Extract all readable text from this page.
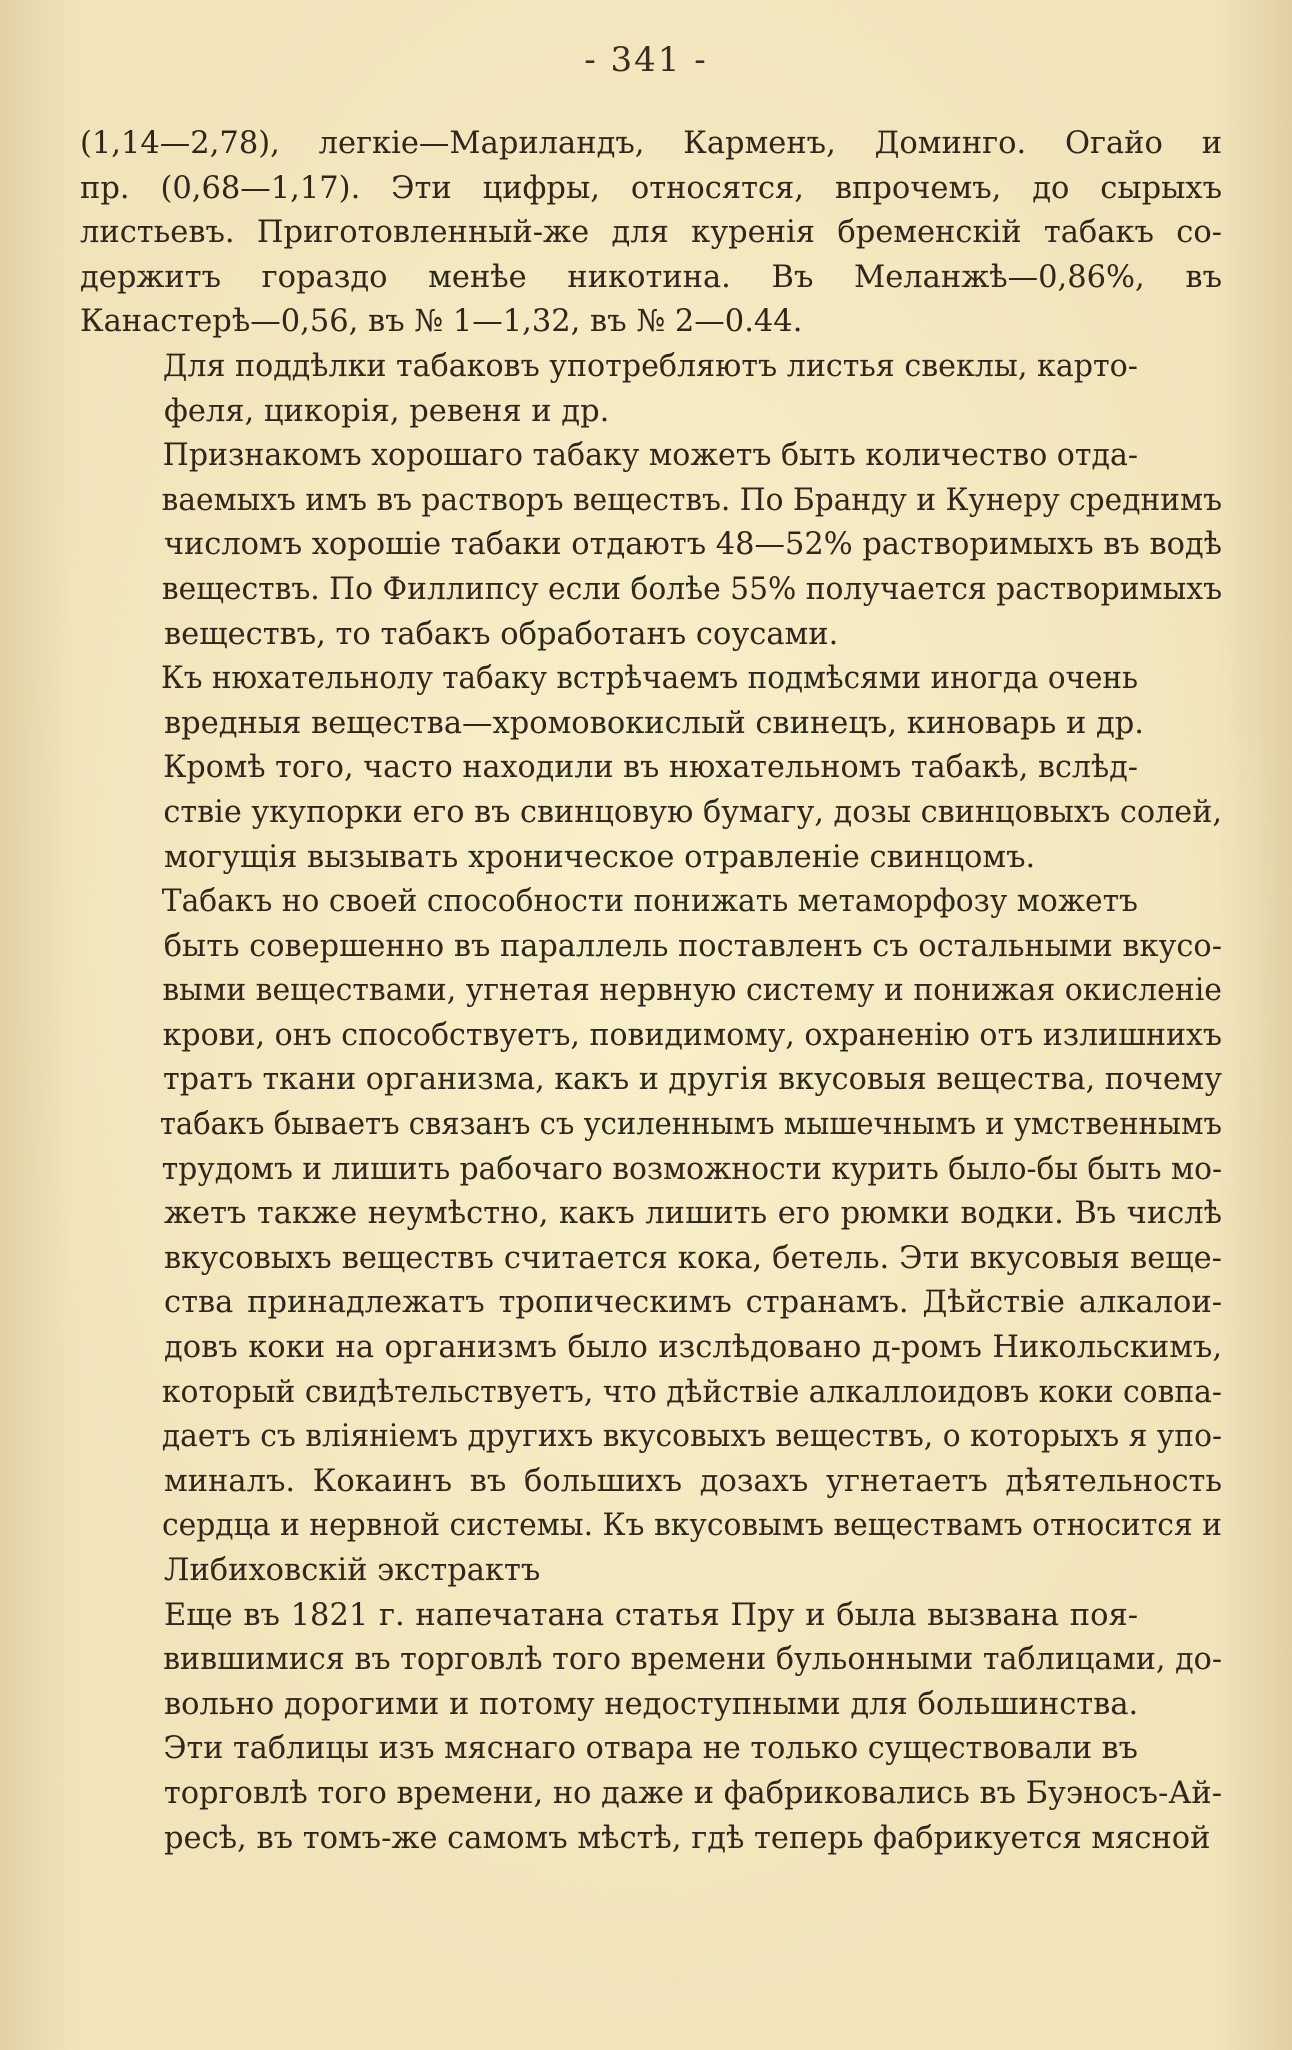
- 341 -

(1,14—2,78), легкіе—Мариландъ, Карменъ, Доминго. Огайо и
пр. (0,68—1,17). Эти цифры, относятся, впрочемъ, до сырыхъ
листьевъ. Приготовленный-же для куренія бременскій табакъ со-
держитъ гораздо менѣе никотина. Въ Меланжѣ—0,86%, въ
Канастерѣ—0,56, въ № 1—1,32, въ № 2—0.44.

Для поддѣлки табаковъ употребляютъ листья свеклы, карто-
феля, цикорія, ревеня и др.

Признакомъ хорошаго табаку можетъ быть количество отда-
ваемыхъ имъ въ растворъ веществъ. По Бранду и Кунеру среднимъ
числомъ хорошіе табаки отдаютъ 48—52% растворимыхъ въ водѣ
веществъ. По Филлипсу если болѣе 55% получается растворимыхъ
веществъ, то табакъ обработанъ соусами.

Къ нюхательнолу табаку встрѣчаемъ подмѣсями иногда очень
вредныя вещества—хромовокислый свинецъ, киноварь и др.

Кромѣ того, часто находили въ нюхательномъ табакѣ, вслѣд-
ствіе укупорки его въ свинцовую бумагу, дозы свинцовыхъ солей,
могущія вызывать хроническое отравленіе свинцомъ.

Табакъ но своей способности понижать метаморфозу можетъ
быть совершенно въ параллель поставленъ съ остальными вкусо-
выми веществами, угнетая нервную систему и понижая окисленіе
крови, онъ способствуетъ, повидимому, охраненію отъ излишнихъ
тратъ ткани организма, какъ и другія вкусовыя вещества, почему
табакъ бываетъ связанъ съ усиленнымъ мышечнымъ и умственнымъ
трудомъ и лишить рабочаго возможности курить было-бы быть мо-
жетъ также неумѣстно, какъ лишить его рюмки водки. Въ числѣ
вкусовыхъ веществъ считается кока, бетель. Эти вкусовыя веще-
ства принадлежатъ тропическимъ странамъ. Дѣйствіе алкалои-
довъ коки на организмъ было изслѣдовано д-ромъ Никольскимъ,
который свидѣтельствуетъ, что дѣйствіе алкаллоидовъ коки совпа-
даетъ съ вліяніемъ другихъ вкусовыхъ веществъ, о которыхъ я упо-
миналъ. Кокаинъ въ большихъ дозахъ угнетаетъ дѣятельность
сердца и нервной системы. Къ вкусовымъ веществамъ относится и
Либиховскій экстрактъ

Еще въ 1821 г. напечатана статья Пру и была вызвана поя-
вившимися въ торговлѣ того времени бульонными таблицами, до-
вольно дорогими и потому недоступными для большинства.

Эти таблицы изъ мяснаго отвара не только существовали въ
торговлѣ того времени, но даже и фабриковались въ Буэносъ-Ай-
ресѣ, въ томъ-же самомъ мѣстѣ, гдѣ теперь фабрикуется мясной
